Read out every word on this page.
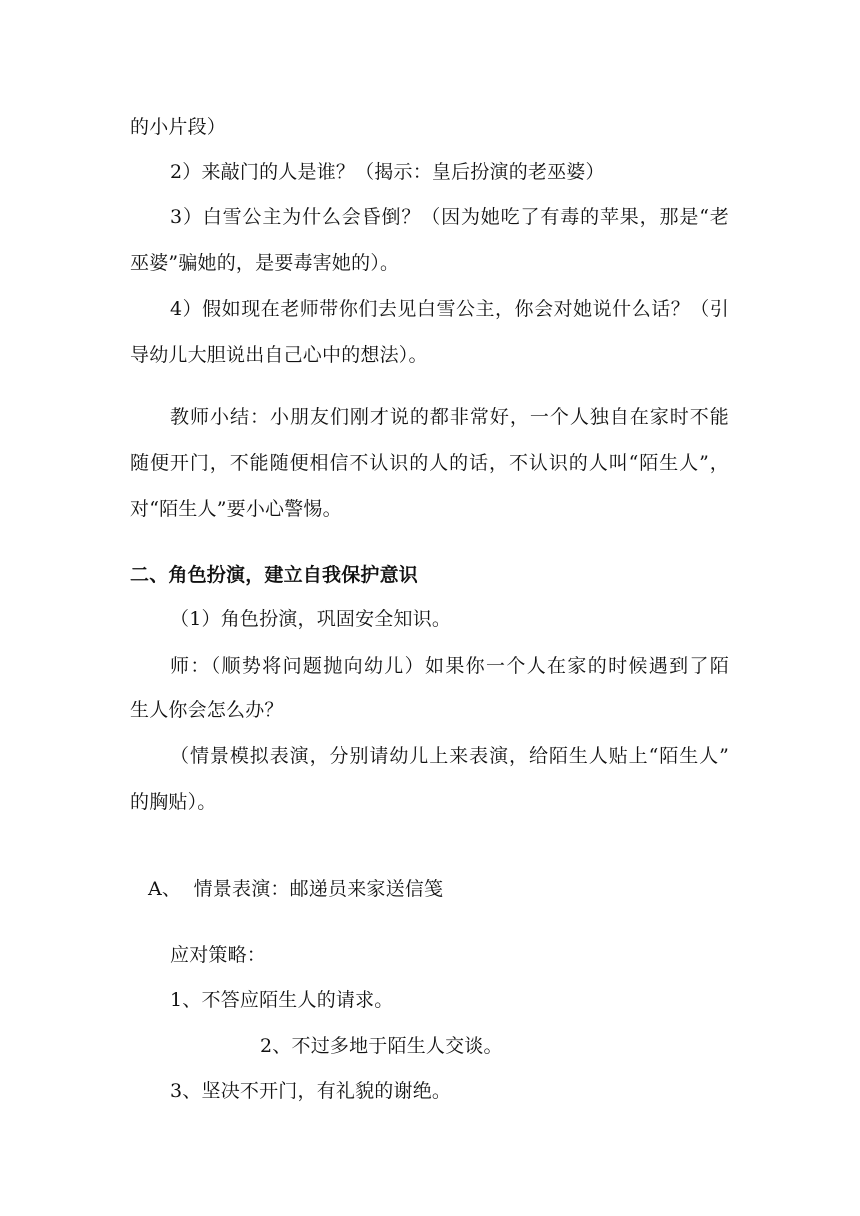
的小片段）
2）来敲门的人是谁？（揭示：皇后扮演的老巫婆）
3）白雪公主为什么会昏倒？（因为她吃了有毒的苹果，那是“老
巫婆”骗她的，是要毒害她的）。
4）假如现在老师带你们去见白雪公主，你会对她说什么话？（引
导幼儿大胆说出自己心中的想法）。
教师小结：小朋友们刚才说的都非常好，一个人独自在家时不能
随便开门，不能随便相信不认识的人的话，不认识的人叫“陌生人”，
对“陌生人”要小心警惕。
二、角色扮演，建立自我保护意识
（1）角色扮演，巩固安全知识。
师：（顺势将问题抛向幼儿）如果你一个人在家的时候遇到了陌
生人你会怎么办？
（情景模拟表演，分别请幼儿上来表演，给陌生人贴上“陌生人”
的胸贴）。
A、  情景表演：邮递员来家送信笺
应对策略：
1、不答应陌生人的请求。
2、不过多地于陌生人交谈。
3、坚决不开门，有礼貌的谢绝。
